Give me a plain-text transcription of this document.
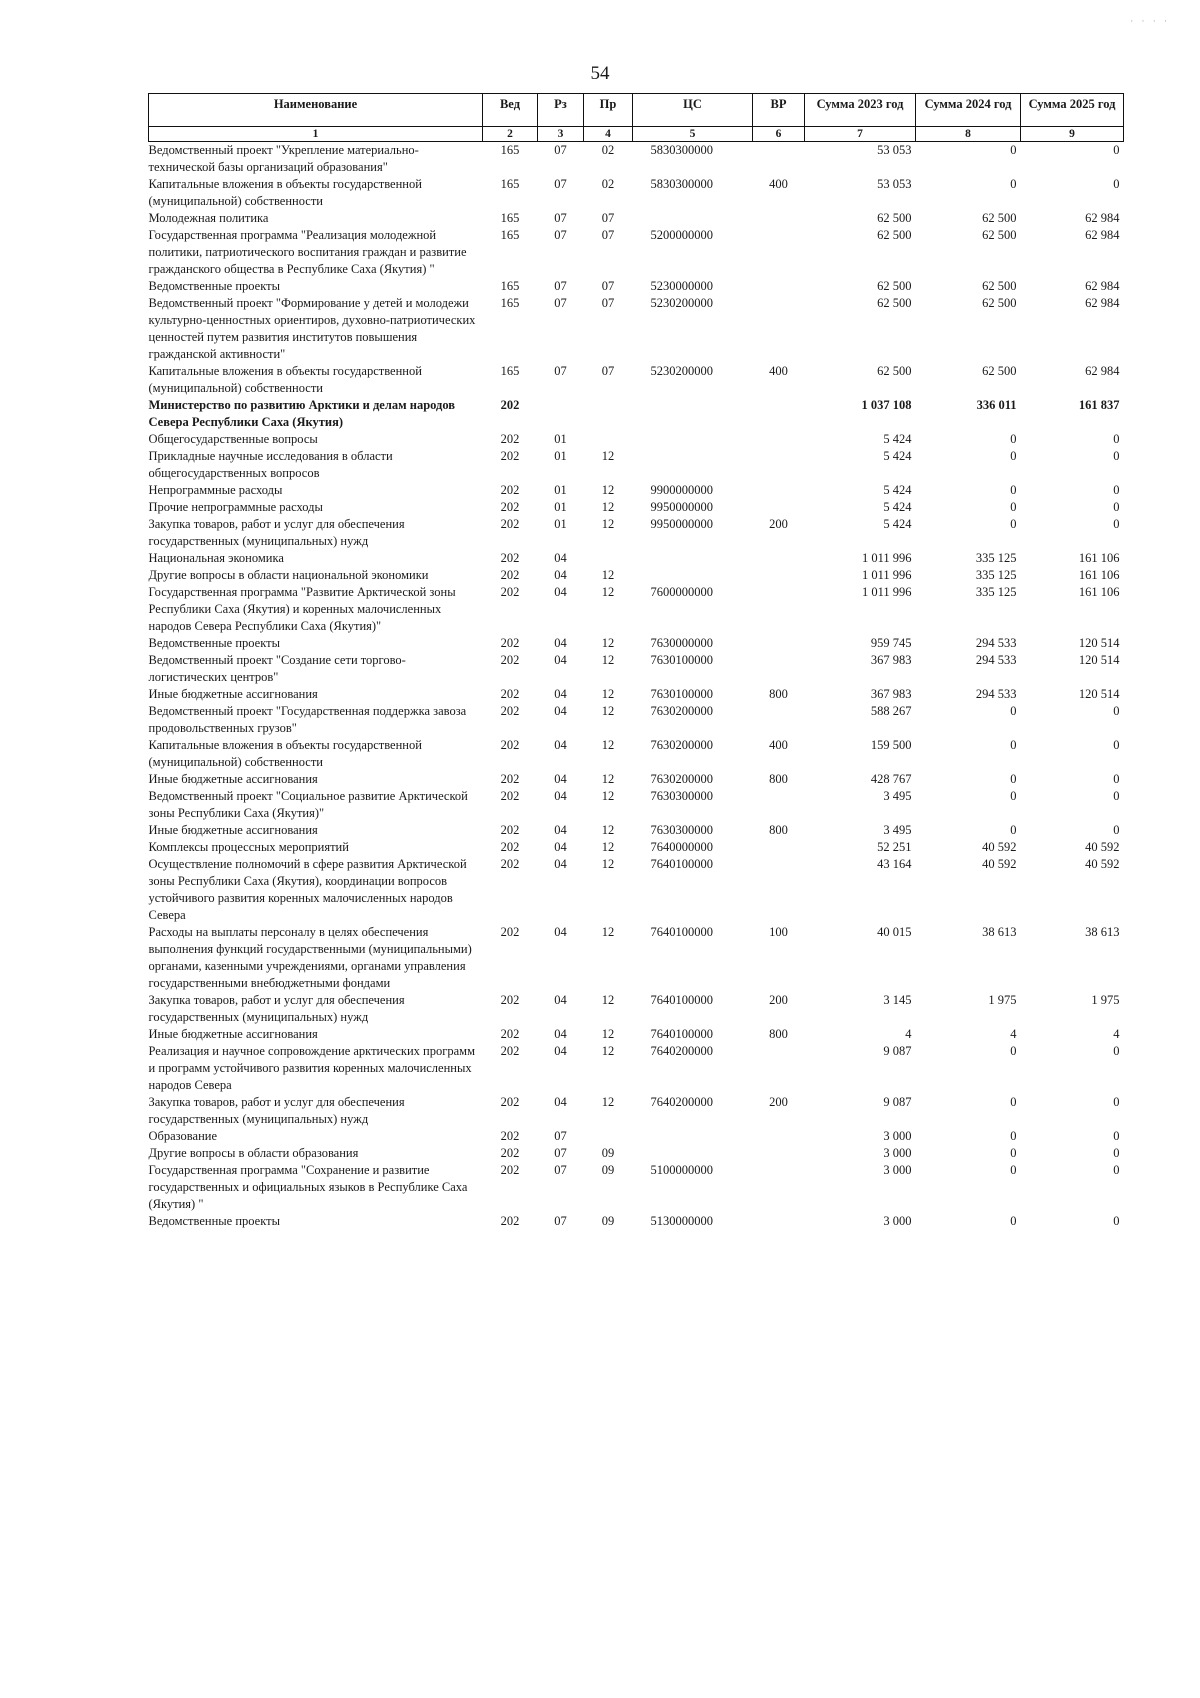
· · · ·
54
Наименование	Вед	Рз	Пр	ЦС	ВР	Сумма 2023 год	Сумма 2024 год	Сумма 2025 год
1	2	3	4	5	6	7	8	9
Ведомственный проект "Укрепление материально-технической базы организаций образования"	165	07	02	5830300000		53 053	0	0
Капитальные вложения в объекты государственной (муниципальной) собственности	165	07	02	5830300000	400	53 053	0	0
Молодежная политика	165	07	07			62 500	62 500	62 984
Государственная программа "Реализация молодежной политики, патриотического воспитания граждан и развитие гражданского общества в Республике Саха (Якутия) "	165	07	07	5200000000		62 500	62 500	62 984
Ведомственные проекты	165	07	07	5230000000		62 500	62 500	62 984
Ведомственный проект "Формирование у детей и молодежи культурно-ценностных ориентиров, духовно-патриотических ценностей путем развития институтов повышения гражданской активности"	165	07	07	5230200000		62 500	62 500	62 984
Капитальные вложения в объекты государственной (муниципальной) собственности	165	07	07	5230200000	400	62 500	62 500	62 984
Министерство по развитию Арктики и делам народов Севера Республики Саха (Якутия)	202					1 037 108	336 011	161 837
Общегосударственные вопросы	202	01				5 424	0	0
Прикладные научные исследования в области общегосударственных вопросов	202	01	12			5 424	0	0
Непрограммные расходы	202	01	12	9900000000		5 424	0	0
Прочие непрограммные расходы	202	01	12	9950000000		5 424	0	0
Закупка товаров, работ и услуг для обеспечения государственных (муниципальных) нужд	202	01	12	9950000000	200	5 424	0	0
Национальная экономика	202	04				1 011 996	335 125	161 106
Другие вопросы в области национальной экономики	202	04	12			1 011 996	335 125	161 106
Государственная программа "Развитие Арктической зоны Республики Саха (Якутия) и коренных малочисленных народов Севера Республики Саха (Якутия)"	202	04	12	7600000000		1 011 996	335 125	161 106
Ведомственные проекты	202	04	12	7630000000		959 745	294 533	120 514
Ведомственный проект "Создание сети торгово-логистических центров"	202	04	12	7630100000		367 983	294 533	120 514
Иные бюджетные ассигнования	202	04	12	7630100000	800	367 983	294 533	120 514
Ведомственный проект "Государственная поддержка завоза продовольственных грузов"	202	04	12	7630200000		588 267	0	0
Капитальные вложения в объекты государственной (муниципальной) собственности	202	04	12	7630200000	400	159 500	0	0
Иные бюджетные ассигнования	202	04	12	7630200000	800	428 767	0	0
Ведомственный проект "Социальное развитие Арктической зоны Республики Саха (Якутия)"	202	04	12	7630300000		3 495	0	0
Иные бюджетные ассигнования	202	04	12	7630300000	800	3 495	0	0
Комплексы процессных мероприятий	202	04	12	7640000000		52 251	40 592	40 592
Осуществление полномочий в сфере развития Арктической зоны Республики Саха (Якутия), координации вопросов устойчивого развития коренных малочисленных народов Севера	202	04	12	7640100000		43 164	40 592	40 592
Расходы на выплаты персоналу в целях обеспечения выполнения функций государственными (муниципальными) органами, казенными учреждениями, органами управления государственными внебюджетными фондами	202	04	12	7640100000	100	40 015	38 613	38 613
Закупка товаров, работ и услуг для обеспечения государственных (муниципальных) нужд	202	04	12	7640100000	200	3 145	1 975	1 975
Иные бюджетные ассигнования	202	04	12	7640100000	800	4	4	4
Реализация и научное сопровождение арктических программ и программ устойчивого развития коренных малочисленных народов Севера	202	04	12	7640200000		9 087	0	0
Закупка товаров, работ и услуг для обеспечения государственных (муниципальных) нужд	202	04	12	7640200000	200	9 087	0	0
Образование	202	07				3 000	0	0
Другие вопросы в области образования	202	07	09			3 000	0	0
Государственная программа "Сохранение и развитие государственных и официальных языков в Республике Саха (Якутия) "	202	07	09	5100000000		3 000	0	0
Ведомственные проекты	202	07	09	5130000000		3 000	0	0
